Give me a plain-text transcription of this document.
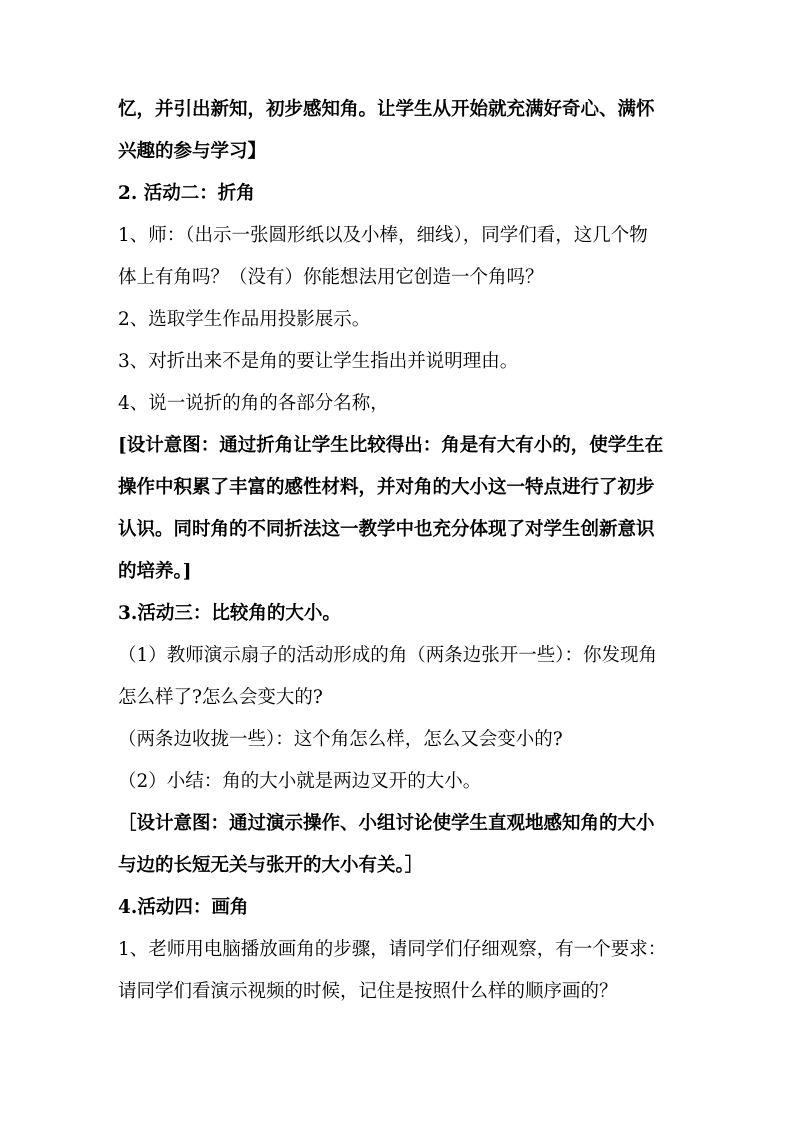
忆，并引出新知，初步感知角。让学生从开始就充满好奇心、满怀

兴趣的参与学习】

2. 活动二：折角

1、师：（出示一张圆形纸以及小棒，细线），同学们看，这几个物

体上有角吗？（没有）你能想法用它创造一个角吗？

2、选取学生作品用投影展示。

3、对折出来不是角的要让学生指出并说明理由。

4、说一说折的角的各部分名称，

[设计意图：通过折角让学生比较得出：角是有大有小的，使学生在

操作中积累了丰富的感性材料，并对角的大小这一特点进行了初步

认识。同时角的不同折法这一教学中也充分体现了对学生创新意识

的培养。]

3.活动三：比较角的大小。

（1）教师演示扇子的活动形成的角（两条边张开一些）：你发现角

怎么样了?怎么会变大的?

（两条边收拢一些）：这个角怎么样，怎么又会变小的?

（2）小结：角的大小就是两边叉开的大小。

［设计意图：通过演示操作、小组讨论使学生直观地感知角的大小

与边的长短无关与张开的大小有关。］

4.活动四：画角

1、老师用电脑播放画角的步骤，请同学们仔细观察，有一个要求：

请同学们看演示视频的时候，记住是按照什么样的顺序画的？
